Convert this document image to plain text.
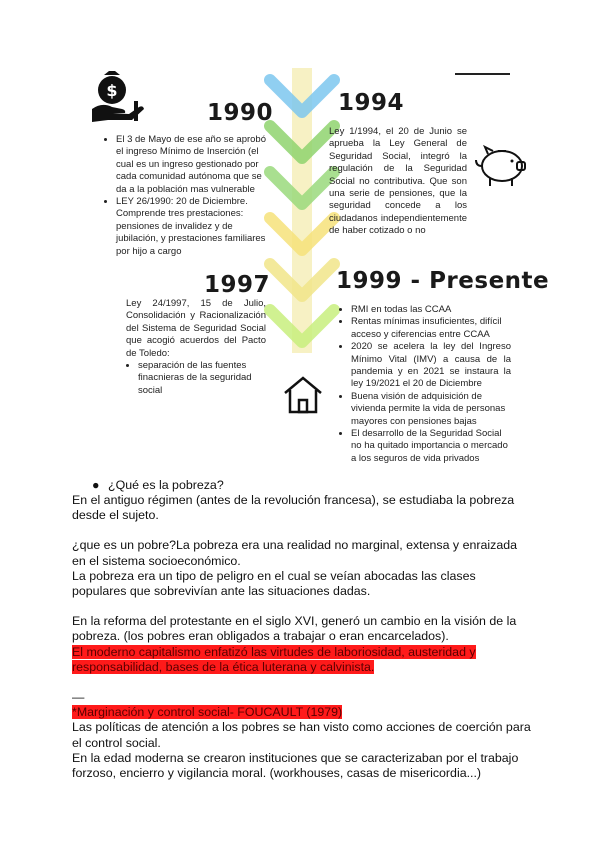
$
1990
• El 3 de Mayo de ese año se aprobó el ingreso Mínimo de Inserción (el cual es un ingreso gestionado por cada comunidad autónoma que se da a la población mas vulnerable
• LEY 26/1990: 20 de Diciembre. Comprende tres prestaciones: pensiones de invalidez y de jubilación, y prestaciones familiares por hijo a cargo
1994
Ley 1/1994, el 20 de Junio se aprueba la Ley General de Seguridad Social, integró la regulación de la Seguridad Social no contributiva. Que son una serie de pensiones, que la seguridad concede a los ciudadanos independientemente de haber cotizado o no
1997
Ley 24/1997, 15 de Julio, Consolidación y Racionalización del Sistema de Seguridad Social que acogió acuerdos del Pacto de Toledo:
• separación de las fuentes finacnieras de la seguridad social
1999 - Presente
• RMI en todas las CCAA
• Rentas mínimas insuficientes, difícil acceso y ciferencias entre CCAA
• 2020 se acelera la ley del Ingreso Mínimo Vital (IMV) a causa de la pandemia y en 2021 se instaura la ley 19/2021 el 20 de Diciembre
• Buena visión de adquisición de vivienda permite la vida de personas mayores con pensiones bajas
• El desarrollo de la Seguridad Social no ha quitado importancia o mercado a los seguros de vida privados
● ¿Qué es la pobreza?
En el antiguo régimen (antes de la revolución francesa), se estudiaba la pobreza desde el sujeto.
¿que es un pobre?La pobreza era una realidad no marginal, extensa y enraizada en el sistema socioeconómico.
La pobreza era un tipo de peligro en el cual se veían abocadas las clases populares que sobrevivían ante las situaciones dadas.
En la reforma del protestante en el siglo XVI, generó un cambio en la visión de la pobreza. (los pobres eran obligados a trabajar o eran encarcelados).
El moderno capitalismo enfatizó las virtudes de laboriosidad, austeridad y responsabilidad, bases de la ética luterana y calvinista.
—
*Marginación y control social- FOUCAULT (1979)
Las políticas de atención a los pobres se han visto como acciones de coerción para el control social.
En la edad moderna se crearon instituciones que se caracterizaban por el trabajo forzoso, encierro y vigilancia moral. (workhouses, casas de misericordia...)
